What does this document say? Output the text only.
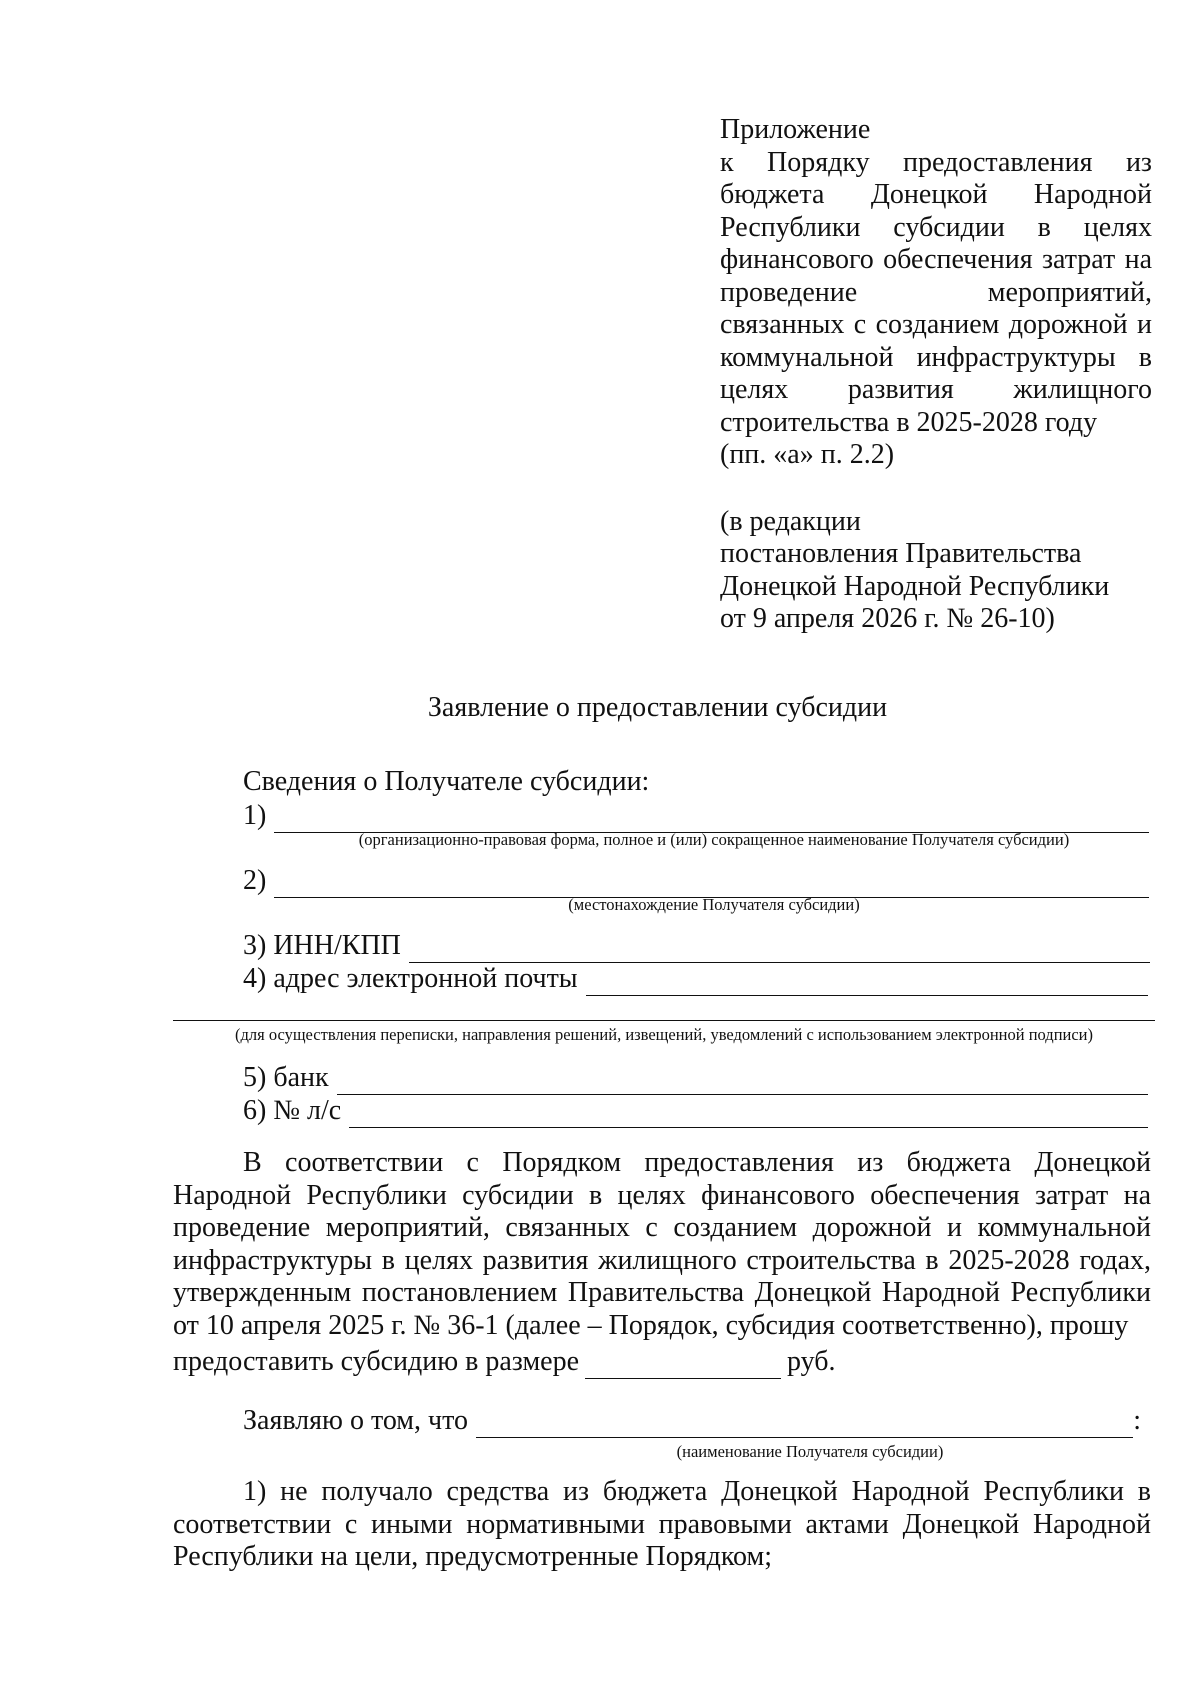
Приложение
к Порядку предоставления из бюджета Донецкой Народной Республики субсидии в целях финансового обеспечения затрат на проведение мероприятий, связанных с созданием дорожной и коммунальной инфраструктуры в целях развития жилищного строительства в 2025-2028 году
(пп. «а» п. 2.2)
(в редакции
постановления Правительства
Донецкой Народной Республики
от 9 апреля 2026 г. № 26-10)
Заявление о предоставлении субсидии
Сведения о Получателе субсидии:
1)
(организационно-правовая форма, полное и (или) сокращенное наименование Получателя субсидии)
2)
(местонахождение Получателя субсидии)
3) ИНН/КПП
4) адрес электронной почты
(для осуществления переписки, направления решений, извещений, уведомлений с использованием электронной подписи)
5) банк
6) № л/с
В соответствии с Порядком предоставления из бюджета Донецкой Народной Республики субсидии в целях финансового обеспечения затрат на проведение мероприятий, связанных с созданием дорожной и коммунальной инфраструктуры в целях развития жилищного строительства в 2025-2028 годах, утвержденным постановлением Правительства Донецкой Народной Республики от 10 апреля 2025 г. № 36-1 (далее – Порядок, субсидия соответственно), прошу
предоставить субсидию в размере	руб.
Заявляю о том, что	:
(наименование Получателя субсидии)
1) не получало средства из бюджета Донецкой Народной Республики в соответствии с иными нормативными правовыми актами Донецкой Народной Республики на цели, предусмотренные Порядком;
